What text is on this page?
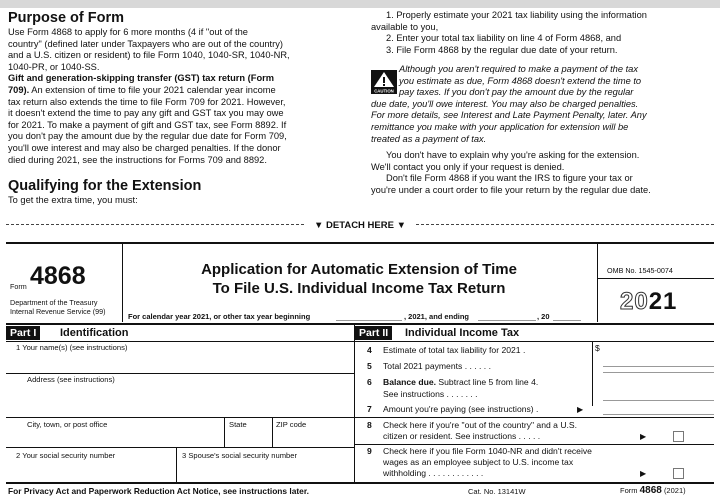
Purpose of Form
Use Form 4868 to apply for 6 more months (4 if "out of the
country" (defined later under Taxpayers who are out of the country)
and a U.S. citizen or resident) to file Form 1040, 1040-SR, 1040-NR,
1040-PR, or 1040-SS.
Gift and generation-skipping transfer (GST) tax return (Form
709). An extension of time to file your 2021 calendar year income
tax return also extends the time to file Form 709 for 2021. However,
it doesn't extend the time to pay any gift and GST tax you may owe
for 2021. To make a payment of gift and GST tax, see Form 8892. If
you don't pay the amount due by the regular due date for Form 709,
you'll owe interest and may also be charged penalties. If the donor
died during 2021, see the instructions for Forms 709 and 8892.
Qualifying for the Extension
To get the extra time, you must:
1. Properly estimate your 2021 tax liability using the information
available to you,
2. Enter your total tax liability on line 4 of Form 4868, and
3. File Form 4868 by the regular due date of your return.
CAUTION
Although you aren't required to make a payment of the tax
you estimate as due, Form 4868 doesn't extend the time to
pay taxes. If you don't pay the amount due by the regular
due date, you'll owe interest. You may also be charged penalties.
For more details, see Interest and Late Payment Penalty, later. Any
remittance you make with your application for extension will be
treated as a payment of tax.
You don't have to explain why you're asking for the extension.
We'll contact you only if your request is denied.
Don't file Form 4868 if you want the IRS to figure your tax or
you're under a court order to file your return by the regular due date.
▼ DETACH HERE ▼
Form 4868
Department of the Treasury
Internal Revenue Service (99)
Application for Automatic Extension of Time
To File U.S. Individual Income Tax Return
OMB No. 1545-0074
2021
For calendar year 2021, or other tax year beginning	, 2021, and ending	, 20
Part I	Identification
1 Your name(s) (see instructions)
Address (see instructions)
City, town, or post office	State	ZIP code
2 Your social security number	3 Spouse's social security number
Part II	Individual Income Tax
4 Estimate of total tax liability for 2021 .	$
5 Total 2021 payments . . . . . .
6 Balance due. Subtract line 5 from line 4.
See instructions . . . . . . .
7 Amount you're paying (see instructions) .	▶
8 Check here if you're "out of the country" and a U.S.
citizen or resident. See instructions . . . . .	▶
9 Check here if you file Form 1040-NR and didn't receive
wages as an employee subject to U.S. income tax
withholding . . . . . . . . . . . .	▶
For Privacy Act and Paperwork Reduction Act Notice, see instructions later.	Cat. No. 13141W	Form 4868 (2021)
